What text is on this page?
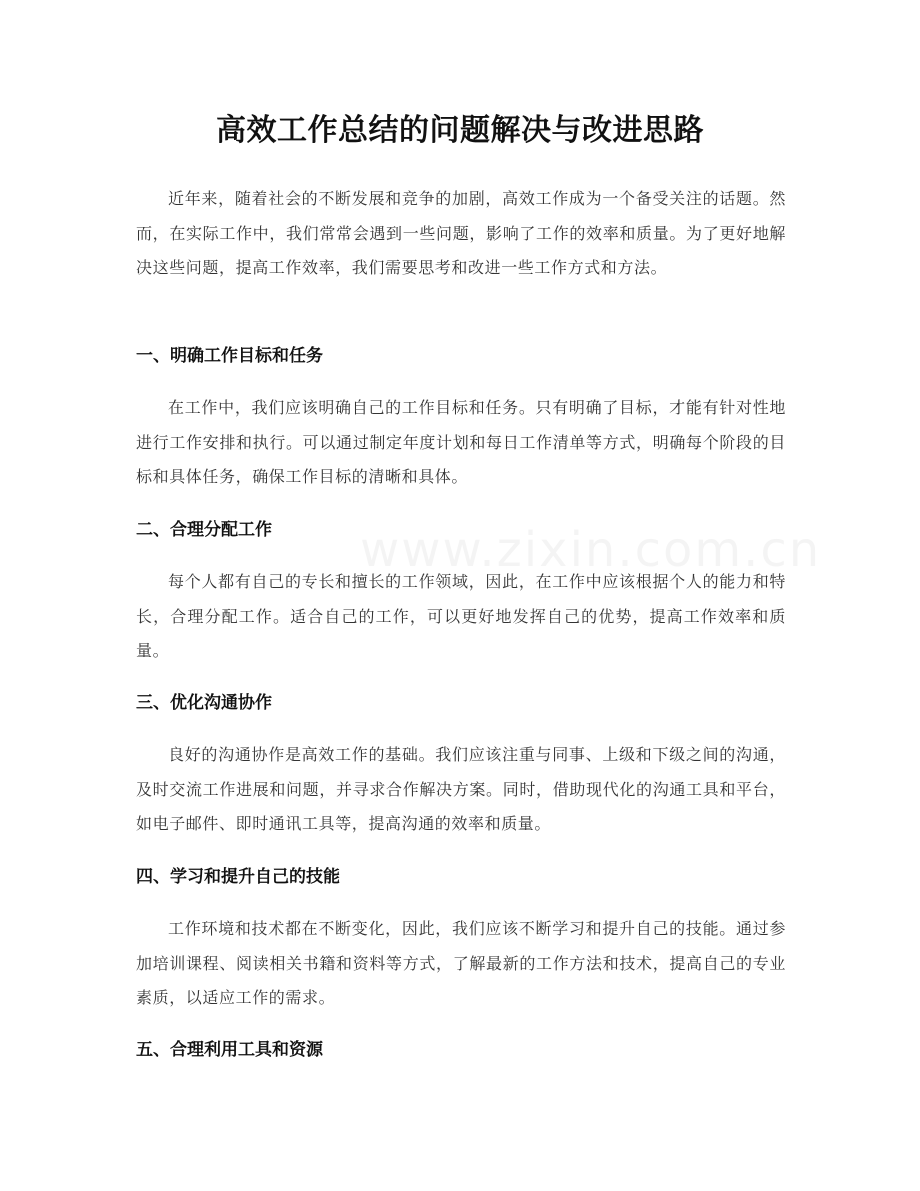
高效工作总结的问题解决与改进思路

近年来，随着社会的不断发展和竞争的加剧，高效工作成为一个备受关注的话题。然而，在实际工作中，我们常常会遇到一些问题，影响了工作的效率和质量。为了更好地解决这些问题，提高工作效率，我们需要思考和改进一些工作方式和方法。

一、明确工作目标和任务

在工作中，我们应该明确自己的工作目标和任务。只有明确了目标，才能有针对性地进行工作安排和执行。可以通过制定年度计划和每日工作清单等方式，明确每个阶段的目标和具体任务，确保工作目标的清晰和具体。

二、合理分配工作

每个人都有自己的专长和擅长的工作领域，因此，在工作中应该根据个人的能力和特长，合理分配工作。适合自己的工作，可以更好地发挥自己的优势，提高工作效率和质量。

三、优化沟通协作

良好的沟通协作是高效工作的基础。我们应该注重与同事、上级和下级之间的沟通，及时交流工作进展和问题，并寻求合作解决方案。同时，借助现代化的沟通工具和平台，如电子邮件、即时通讯工具等，提高沟通的效率和质量。

四、学习和提升自己的技能

工作环境和技术都在不断变化，因此，我们应该不断学习和提升自己的技能。通过参加培训课程、阅读相关书籍和资料等方式，了解最新的工作方法和技术，提高自己的专业素质，以适应工作的需求。

五、合理利用工具和资源
